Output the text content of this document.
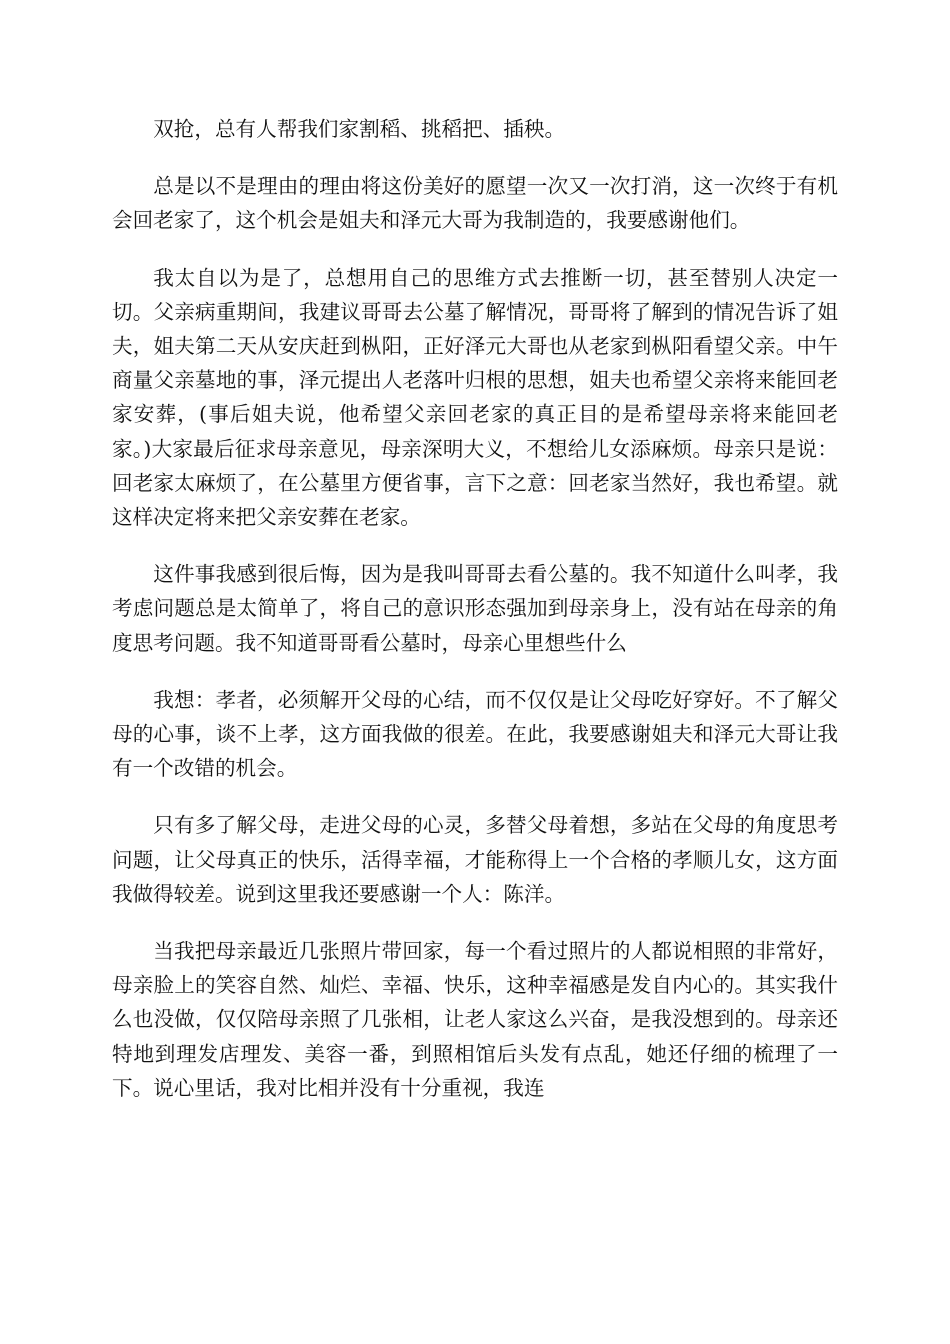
双抢，总有人帮我们家割稻、挑稻把、插秧。

总是以不是理由的理由将这份美好的愿望一次又一次打消，这一次终于有机会回老家了，这个机会是姐夫和泽元大哥为我制造的，我要感谢他们。

我太自以为是了，总想用自己的思维方式去推断一切，甚至替别人决定一切。父亲病重期间，我建议哥哥去公墓了解情况，哥哥将了解到的情况告诉了姐夫，姐夫第二天从安庆赶到枞阳，正好泽元大哥也从老家到枞阳看望父亲。中午商量父亲墓地的事，泽元提出人老落叶归根的思想，姐夫也希望父亲将来能回老家安葬，(事后姐夫说，他希望父亲回老家的真正目的是希望母亲将来能回老家。)大家最后征求母亲意见，母亲深明大义，不想给儿女添麻烦。母亲只是说：回老家太麻烦了，在公墓里方便省事，言下之意：回老家当然好，我也希望。就这样决定将来把父亲安葬在老家。

这件事我感到很后悔，因为是我叫哥哥去看公墓的。我不知道什么叫孝，我考虑问题总是太简单了，将自己的意识形态强加到母亲身上，没有站在母亲的角度思考问题。我不知道哥哥看公墓时，母亲心里想些什么

我想：孝者，必须解开父母的心结，而不仅仅是让父母吃好穿好。不了解父母的心事，谈不上孝，这方面我做的很差。在此，我要感谢姐夫和泽元大哥让我有一个改错的机会。

只有多了解父母，走进父母的心灵，多替父母着想，多站在父母的角度思考问题，让父母真正的快乐，活得幸福，才能称得上一个合格的孝顺儿女，这方面我做得较差。说到这里我还要感谢一个人：陈洋。

当我把母亲最近几张照片带回家，每一个看过照片的人都说相照的非常好，母亲脸上的笑容自然、灿烂、幸福、快乐，这种幸福感是发自内心的。其实我什么也没做，仅仅陪母亲照了几张相，让老人家这么兴奋，是我没想到的。母亲还特地到理发店理发、美容一番，到照相馆后头发有点乱，她还仔细的梳理了一下。说心里话，我对比相并没有十分重视，我连
